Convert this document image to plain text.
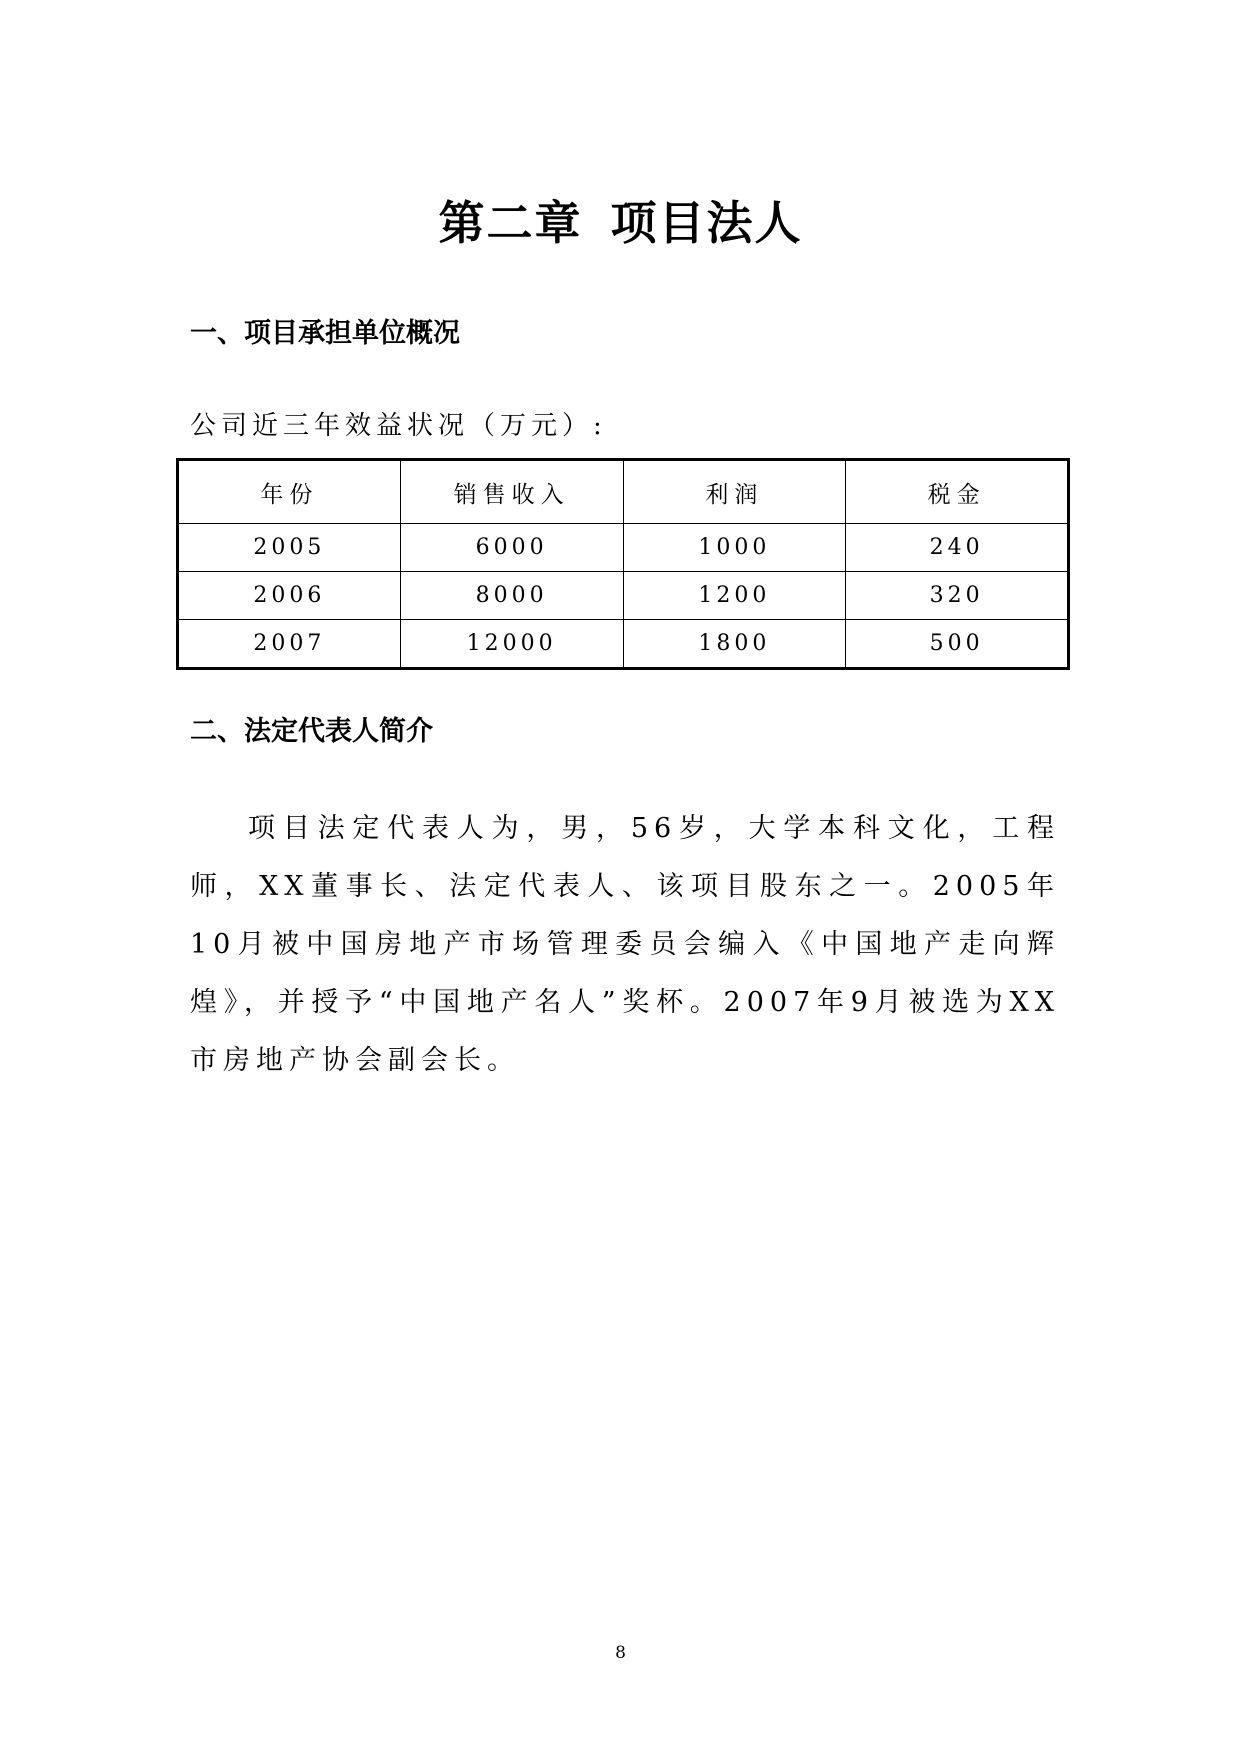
第二章 项目法人
一、项目承担单位概况
公司近三年效益状况（万元）:
年份	销售收入	利润	税金
2005	6000	1000	240
2006	8000	1200	320
2007	12000	1800	500
二、法定代表人简介

项目法定代表人为，男，56岁，大学本科文化，工程师，XX董事长、法定代表人、该项目股东之一。2005年10月被中国房地产市场管理委员会编入《中国地产走向辉煌》，并授予“中国地产名人”奖杯。2007年9月被选为XX市房地产协会副会长。

8
